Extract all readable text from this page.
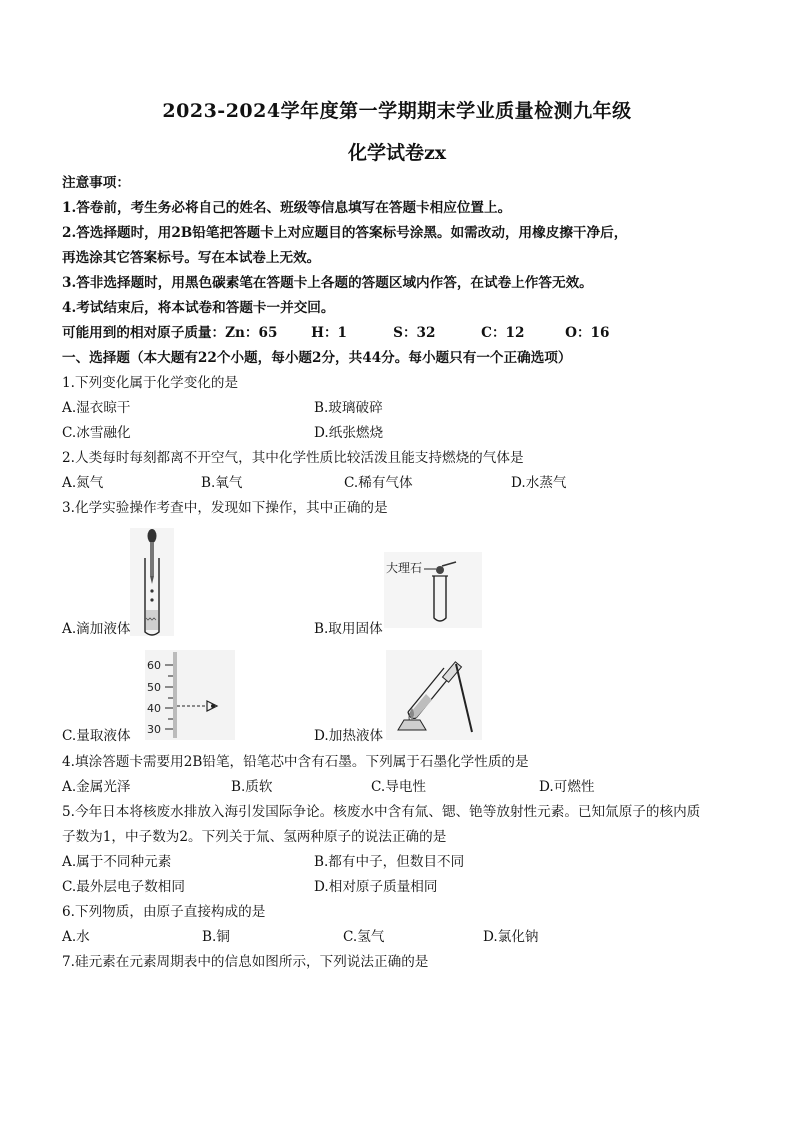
2023-2024学年度第一学期期末学业质量检测九年级
化学试卷zx
注意事项：
1.答卷前，考生务必将自己的姓名、班级等信息填写在答题卡相应位置上。
2.答选择题时，用2B铅笔把答题卡上对应题目的答案标号涂黑。如需改动，用橡皮擦干净后，
再选涂其它答案标号。写在本试卷上无效。
3.答非选择题时，用黑色碳素笔在答题卡上各题的答题区域内作答，在试卷上作答无效。
4.考试结束后，将本试卷和答题卡一并交回。
可能用到的相对原子质量：Zn：65 H：1	S：32	C：12	O：16
一、选择题（本大题有22个小题，每小题2分，共44分。每小题只有一个正确选项）
1.下列变化属于化学变化的是
A.湿衣晾干	B.玻璃破碎
C.冰雪融化	D.纸张燃烧
2.人类每时每刻都离不开空气，其中化学性质比较活泼且能支持燃烧的气体是
A.氮气	B.氧气	C.稀有气体	D.水蒸气
3.化学实验操作考查中，发现如下操作，其中正确的是
A.滴加液体
大理石
B.取用固体
60
50
40
30
C.量取液体	D.加热液体
4.填涂答题卡需要用2B铅笔，铅笔芯中含有石墨。下列属于石墨化学性质的是
A.金属光泽	B.质软	C.导电性	D.可燃性
5.今年日本将核废水排放入海引发国际争论。核废水中含有氚、锶、铯等放射性元素。已知氚原子的核内质
子数为1，中子数为2。下列关于氚、氢两种原子的说法正确的是
A.属于不同种元素	B.都有中子，但数目不同
C.最外层电子数相同	D.相对原子质量相同
6.下列物质，由原子直接构成的是
A.水	B.铜	C.氢气	D.氯化钠
7.硅元素在元素周期表中的信息如图所示，下列说法正确的是
